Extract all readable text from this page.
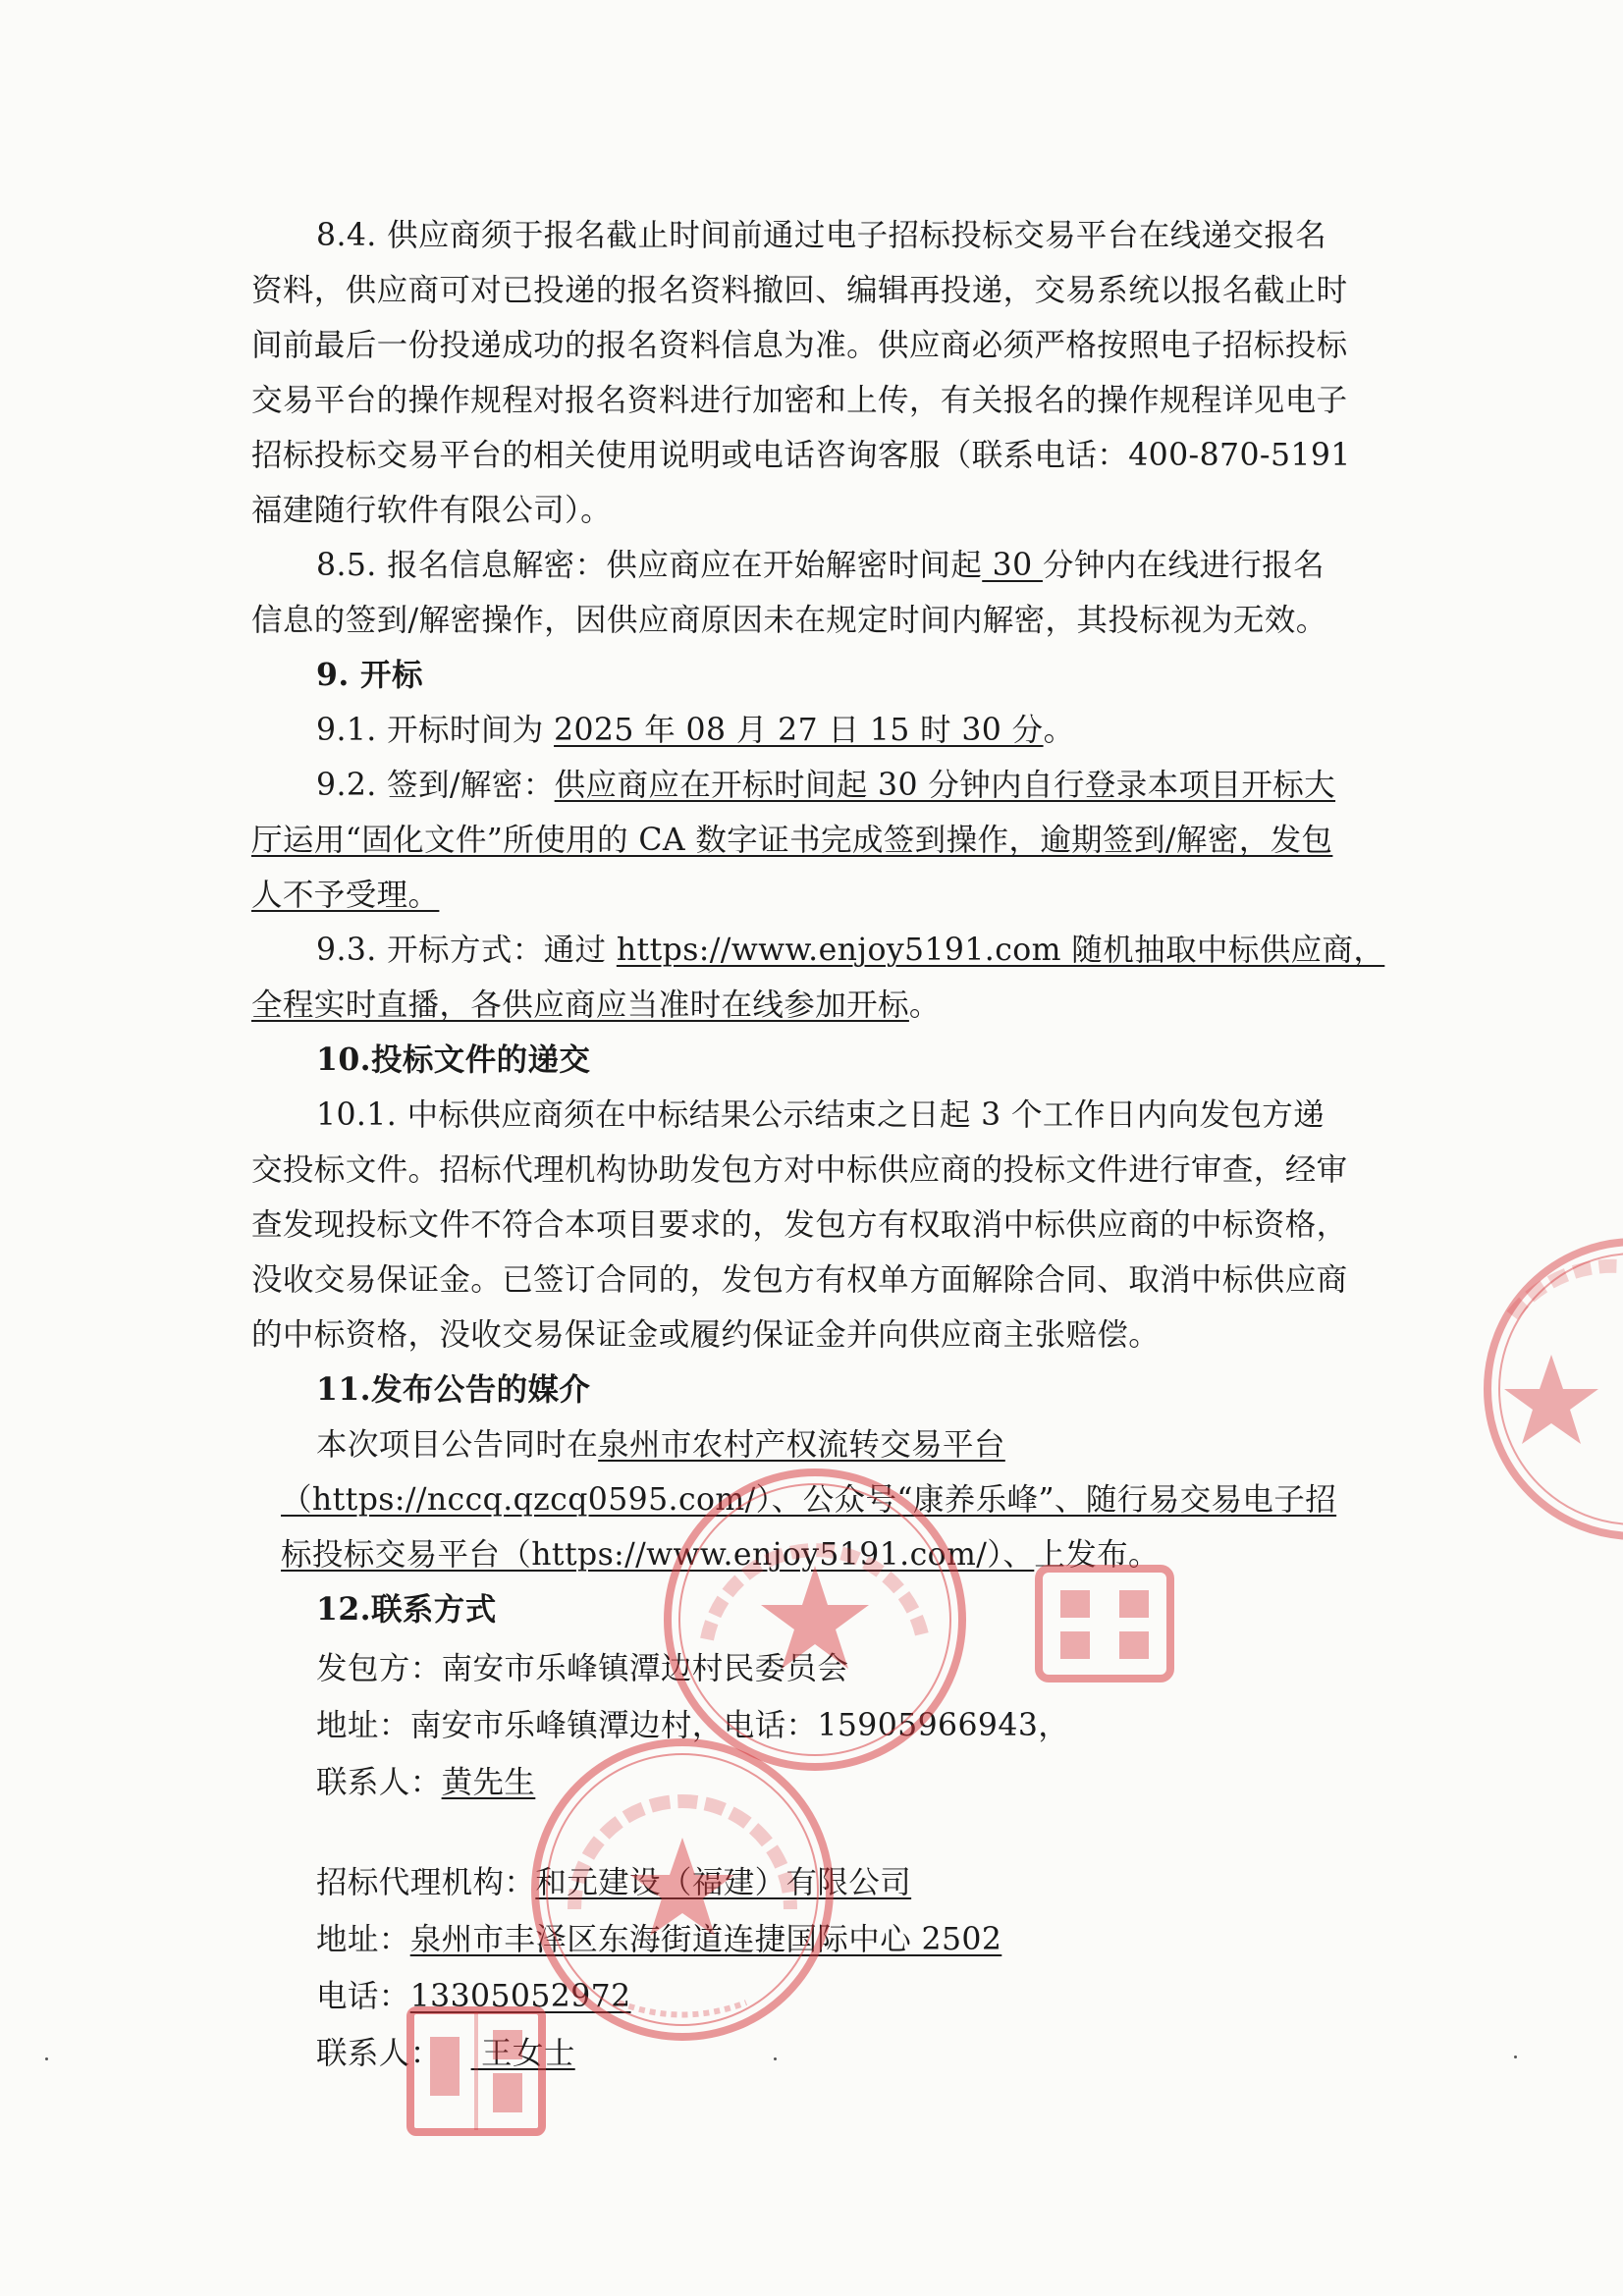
8.4. 供应商须于报名截止时间前通过电子招标投标交易平台在线递交报名
资料，供应商可对已投递的报名资料撤回、编辑再投递，交易系统以报名截止时
间前最后一份投递成功的报名资料信息为准。供应商必须严格按照电子招标投标
交易平台的操作规程对报名资料进行加密和上传，有关报名的操作规程详见电子
招标投标交易平台的相关使用说明或电话咨询客服（联系电话：400-870-5191
福建随行软件有限公司）。
8.5. 报名信息解密：供应商应在开始解密时间起 30 分钟内在线进行报名
信息的签到/解密操作，因供应商原因未在规定时间内解密，其投标视为无效。
9. 开标
9.1. 开标时间为 2025 年 08 月 27 日 15 时 30 分。
9.2. 签到/解密：供应商应在开标时间起 30 分钟内自行登录本项目开标大
厅运用“固化文件”所使用的 CA 数字证书完成签到操作，逾期签到/解密，发包
人不予受理。
9.3. 开标方式：通过 https://www.enjoy5191.com 随机抽取中标供应商，
全程实时直播，各供应商应当准时在线参加开标。
10.投标文件的递交
10.1. 中标供应商须在中标结果公示结束之日起 3 个工作日内向发包方递
交投标文件。招标代理机构协助发包方对中标供应商的投标文件进行审查，经审
查发现投标文件不符合本项目要求的，发包方有权取消中标供应商的中标资格，
没收交易保证金。已签订合同的，发包方有权单方面解除合同、取消中标供应商
的中标资格，没收交易保证金或履约保证金并向供应商主张赔偿。
11.发布公告的媒介
本次项目公告同时在泉州市农村产权流转交易平台
（https://nccq.qzcq0595.com/）、公众号“康养乐峰”、随行易交易电子招
标投标交易平台（https://www.enjoy5191.com/）、上发布。
12.联系方式
发包方：南安市乐峰镇潭边村民委员会
地址：南安市乐峰镇潭边村，电话：15905966943，
联系人：黄先生
招标代理机构：和元建设（福建）有限公司
地址：泉州市丰泽区东海街道连捷国际中心 2502
电话：13305052972
联系人： 王女士
